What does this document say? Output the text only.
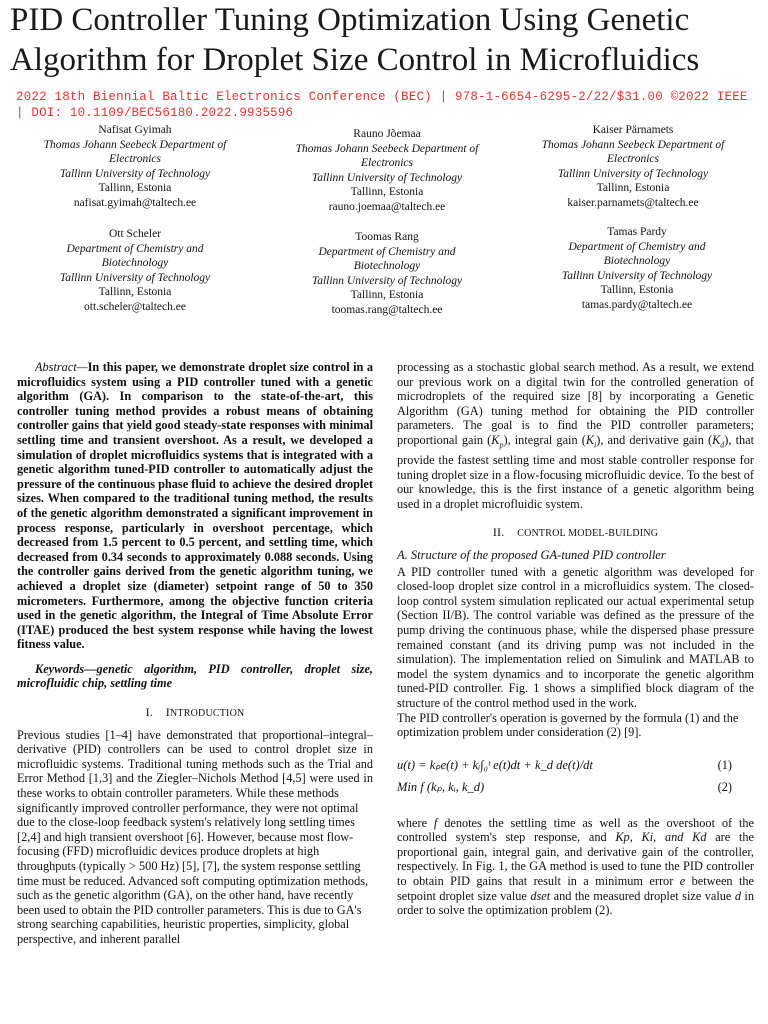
PID Controller Tuning Optimization Using Genetic Algorithm for Droplet Size Control in Microfluidics
2022 18th Biennial Baltic Electronics Conference (BEC) | 978-1-6654-6295-2/22/$31.00 ©2022 IEEE | DOI: 10.1109/BEC56180.2022.9935596
Nafisat Gyimah
Thomas Johann Seebeck Department of
Electronics
Tallinn University of Technology
Tallinn, Estonia
nafisat.gyimah@taltech.ee
Rauno Jõemaa
Thomas Johann Seebeck Department of
Electronics
Tallinn University of Technology
Tallinn, Estonia
rauno.joemaa@taltech.ee
Kaiser Pärnamets
Thomas Johann Seebeck Department of
Electronics
Tallinn University of Technology
Tallinn, Estonia
kaiser.parnamets@taltech.ee
Ott Scheler
Department of Chemistry and
Biotechnology
Tallinn University of Technology
Tallinn, Estonia
ott.scheler@taltech.ee
Toomas Rang
Department of Chemistry and
Biotechnology
Tallinn University of Technology
Tallinn, Estonia
toomas.rang@taltech.ee
Tamas Pardy
Department of Chemistry and
Biotechnology
Tallinn University of Technology
Tallinn, Estonia
tamas.pardy@taltech.ee

Abstract—In this paper, we demonstrate droplet size control in a microfluidics system using a PID controller tuned with a genetic algorithm (GA). In comparison to the state-of-the-art, this controller tuning method provides a robust means of obtaining controller gains that yield good steady-state responses with minimal settling time and transient overshoot. As a result, we developed a simulation of droplet microfluidics systems that is integrated with a genetic algorithm tuned-PID controller to automatically adjust the pressure of the continuous phase fluid to achieve the desired droplet sizes. When compared to the traditional tuning method, the results of the genetic algorithm demonstrated a significant improvement in process response, particularly in overshoot percentage, which decreased from 1.5 percent to 0.5 percent, and settling time, which decreased from 0.34 seconds to approximately 0.088 seconds. Using the controller gains derived from the genetic algorithm tuning, we achieved a droplet size (diameter) setpoint range of 50 to 350 micrometers. Furthermore, among the objective function criteria used in the genetic algorithm, the Integral of Time Absolute Error (ITAE) produced the best system response while having the lowest fitness value.

Keywords—genetic algorithm, PID controller, droplet size, microfluidic chip, settling time

I. INTRODUCTION

Previous studies [1–4] have demonstrated that proportional–integral–derivative (PID) controllers can be used to control droplet size in microfluidic systems. Traditional tuning methods such as the Trial and Error Method [1,3] and the Ziegler–Nichols Method [4,5] were used in these works to obtain controller parameters. While these methods

significantly improved controller performance, they were not optimal due to the close-loop feedback system's relatively long settling times [2,4] and high transient overshoot [6]. However, because most flow-focusing (FFD) microfluidic devices produce droplets at high throughputs (typically > 500 Hz) [5], [7], the system response settling time must be reduced. Advanced soft computing optimization methods, such as the genetic algorithm (GA), on the other hand, have recently been used to obtain the PID controller parameters. This is due to GA's strong searching capabilities, heuristic properties, simplicity, global perspective, and inherent parallel

processing as a stochastic global search method. As a result, we extend our previous work on a digital twin for the controlled generation of microdroplets of the required size [8] by incorporating a Genetic Algorithm (GA) tuning method for obtaining the PID controller parameters. The goal is to find the PID controller parameters; proportional gain $(K_p)$, integral gain $(K_i)$, and derivative gain $(K_d)$, that provide the fastest settling time and most stable controller response for tuning droplet size in a flow-focusing microfluidic device. To the best of our knowledge, this is the first instance of a genetic algorithm being used in a droplet microfluidic system.

II. CONTROL MODEL-BUILDING

A. Structure of the proposed GA-tuned PID controller

A PID controller tuned with a genetic algorithm was developed for closed-loop droplet size control in a microfluidics system. The closed-loop control system simulation replicated our actual experimental setup (Section II/B). The control variable was defined as the pressure of the pump driving the continuous phase, while the dispersed phase pressure remained constant (and its driving pump was not included in the simulation). The implementation relied on Simulink and MATLAB to model the system dynamics and to incorporate the genetic algorithm tuned-PID controller. Fig. 1 shows a simplified block diagram of the structure of the control method used in the work.

The PID controller's operation is governed by the formula (1) and the optimization problem under consideration (2) [9].

u(t) = kₚe(t) + kᵢ∫₀ᵗ e(t)dt + k_d de(t)/dt	(1)
Min f (kₚ, kᵢ, k_d)	(2)

where f denotes the settling time as well as the overshoot of the controlled system's step response, and Kp, Ki, and Kd are the proportional gain, integral gain, and derivative gain of the controller, respectively. In Fig. 1, the GA method is used to tune the PID controller to obtain PID gains that result in a minimum error e between the setpoint droplet size value dset and the measured droplet size value d in order to solve the optimization problem (2).
